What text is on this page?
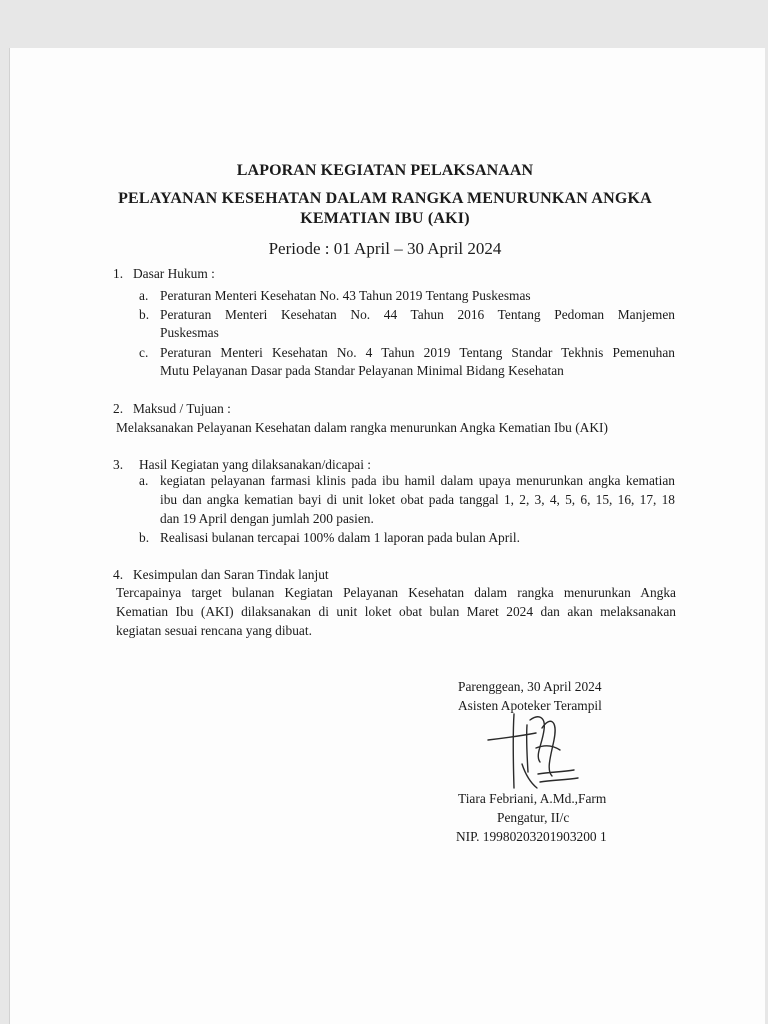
LAPORAN KEGIATAN PELAKSANAAN
PELAYANAN KESEHATAN DALAM RANGKA MENURUNKAN ANGKA
KEMATIAN IBU (AKI)
Periode : 01 April – 30 April 2024
1. Dasar Hukum :
a. Peraturan Menteri Kesehatan No. 43 Tahun 2019 Tentang Puskesmas
b. Peraturan Menteri Kesehatan No. 44 Tahun 2016 Tentang Pedoman Manjemen
Puskesmas
c. Peraturan Menteri Kesehatan No. 4 Tahun 2019 Tentang Standar Tekhnis Pemenuhan
Mutu Pelayanan Dasar pada Standar Pelayanan Minimal Bidang Kesehatan
2. Maksud / Tujuan :
Melaksanakan Pelayanan Kesehatan dalam rangka menurunkan Angka Kematian Ibu (AKI)
3. Hasil Kegiatan yang dilaksanakan/dicapai :
a. kegiatan pelayanan farmasi klinis pada ibu hamil dalam upaya menurunkan angka kematian
ibu dan angka kematian bayi di unit loket obat pada tanggal 1, 2, 3, 4, 5, 6, 15, 16, 17, 18
dan 19 April dengan jumlah 200 pasien.
b. Realisasi bulanan tercapai 100% dalam 1 laporan pada bulan April.
4. Kesimpulan dan Saran Tindak lanjut
Tercapainya target bulanan Kegiatan Pelayanan Kesehatan dalam rangka menurunkan Angka
Kematian Ibu (AKI) dilaksanakan di unit loket obat bulan Maret 2024 dan akan melaksanakan
kegiatan sesuai rencana yang dibuat.
Parenggean, 30 April 2024
Asisten Apoteker Terampil
Tiara Febriani, A.Md.,Farm
Pengatur, II/c
NIP. 19980203201903200 1
